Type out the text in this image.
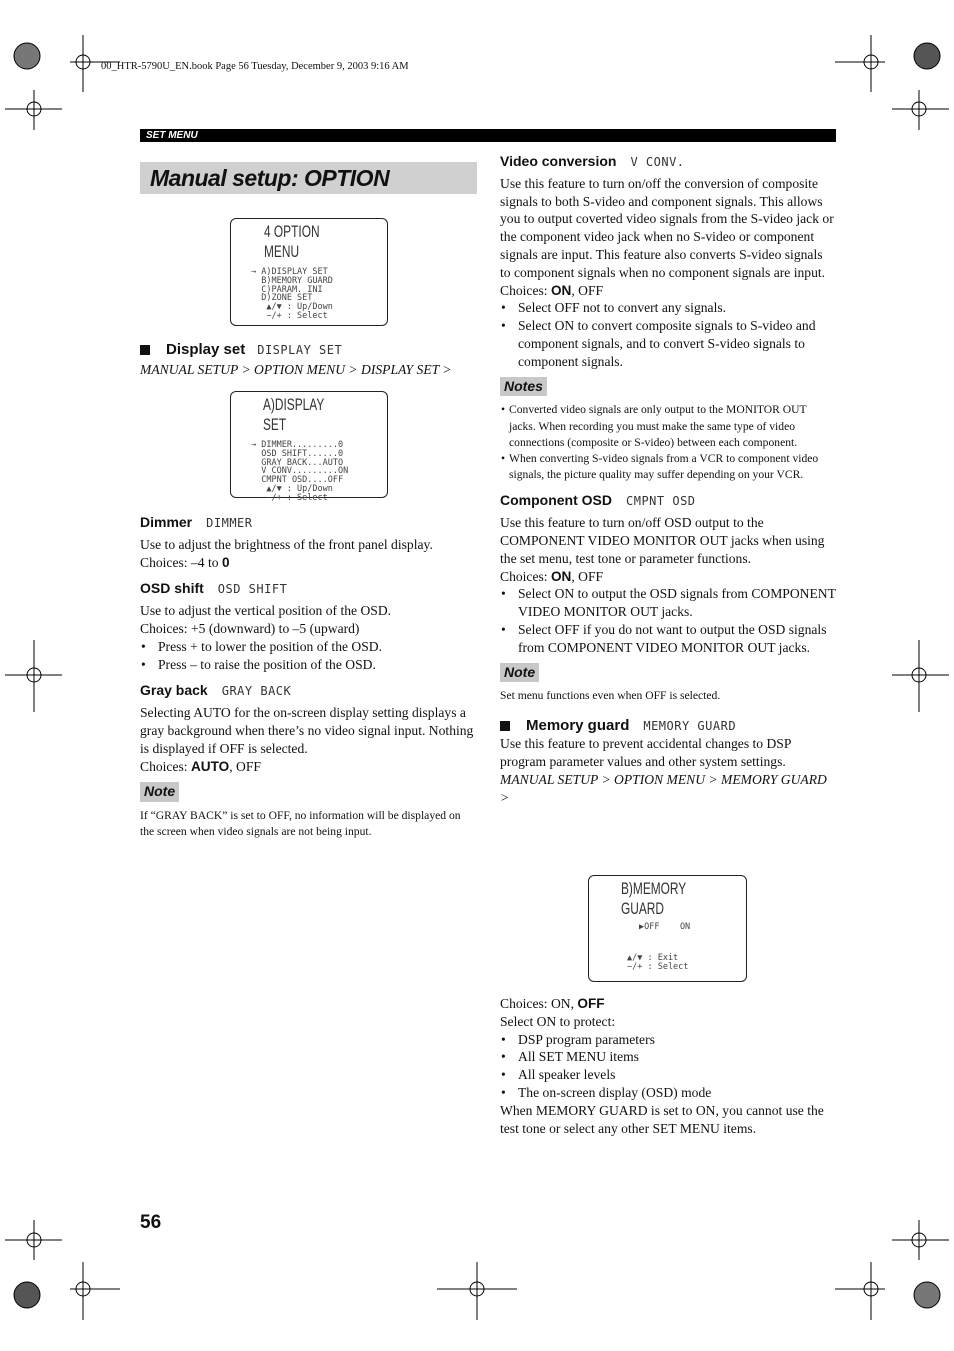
00_HTR-5790U_EN.book Page 56 Tuesday, December 9, 2003 9:16 AM
SET MENU
Manual setup: OPTION
4 OPTION MENU
→ A)DISPLAY SET
B)MEMORY GUARD
C)PARAM. INI
D)ZONE SET
▲/▼ : Up/Down
−/+ : Select
Display set DISPLAY SET
MANUAL SETUP > OPTION MENU > DISPLAY SET >
A)DISPLAY SET
→ DIMMER.........0
OSD SHIFT......0
GRAY BACK...AUTO
V CONV.........ON
CMPNT OSD....OFF
▲/▼ : Up/Down
−/+ : Select
Dimmer DIMMER
Use to adjust the brightness of the front panel display.
Choices: –4 to 0
OSD shift OSD SHIFT
Use to adjust the vertical position of the OSD.
Choices: +5 (downward) to –5 (upward)
• Press + to lower the position of the OSD.
• Press – to raise the position of the OSD.
Gray back GRAY BACK
Selecting AUTO for the on-screen display setting displays a gray background when there’s no video signal input. Nothing is displayed if OFF is selected.
Choices: AUTO, OFF
Note
If “GRAY BACK” is set to OFF, no information will be displayed on the screen when video signals are not being input.
Video conversion V CONV.
Use this feature to turn on/off the conversion of composite signals to both S-video and component signals. This allows you to output coverted video signals from the S-video jack or the component video jack when no S-video or component signals are input. This feature also converts S-video signals to component signals when no component signals are input.
Choices: ON, OFF
• Select OFF not to convert any signals.
• Select ON to convert composite signals to S-video and component signals, and to convert S-video signals to component signals.
Notes
• Converted video signals are only output to the MONITOR OUT jacks. When recording you must make the same type of video connections (composite or S-video) between each component.
• When converting S-video signals from a VCR to component video signals, the picture quality may suffer depending on your VCR.
Component OSD CMPNT OSD
Use this feature to turn on/off OSD output to the COMPONENT VIDEO MONITOR OUT jacks when using the set menu, test tone or parameter functions.
Choices: ON, OFF
• Select ON to output the OSD signals from COMPONENT VIDEO MONITOR OUT jacks.
• Select OFF if you do not want to output the OSD signals from COMPONENT VIDEO MONITOR OUT jacks.
Note
Set menu functions even when OFF is selected.
Memory guard MEMORY GUARD
Use this feature to prevent accidental changes to DSP program parameter values and other system settings.
MANUAL SETUP > OPTION MENU > MEMORY GUARD >
B)MEMORY GUARD
▶OFF    ON
▲/▼ : Exit
−/+ : Select
Choices: ON, OFF
Select ON to protect:
• DSP program parameters
• All SET MENU items
• All speaker levels
• The on-screen display (OSD) mode
When MEMORY GUARD is set to ON, you cannot use the test tone or select any other SET MENU items.
56
